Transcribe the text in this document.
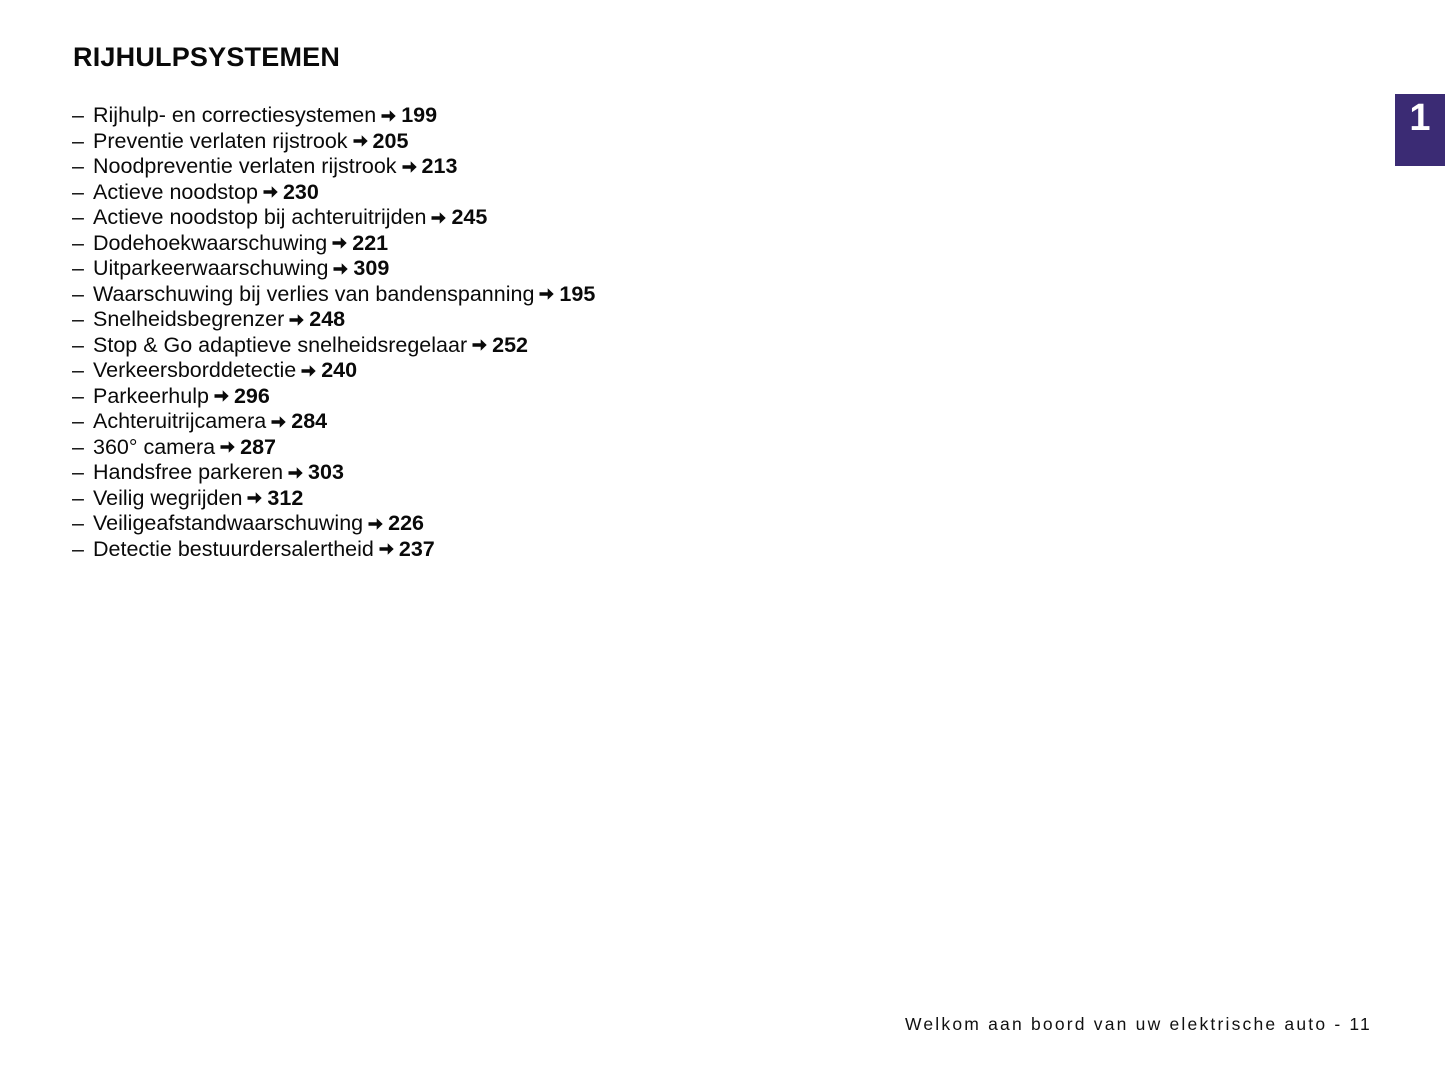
RIJHULPSYSTEMEN
1
– Rijhulp- en correctiesystemen 199
– Preventie verlaten rijstrook 205
– Noodpreventie verlaten rijstrook 213
– Actieve noodstop 230
– Actieve noodstop bij achteruitrijden 245
– Dodehoekwaarschuwing 221
– Uitparkeerwaarschuwing 309
– Waarschuwing bij verlies van bandenspanning 195
– Snelheidsbegrenzer 248
– Stop & Go adaptieve snelheidsregelaar 252
– Verkeersborddetectie 240
– Parkeerhulp 296
– Achteruitrijcamera 284
– 360° camera 287
– Handsfree parkeren 303
– Veilig wegrijden 312
– Veiligeafstandwaarschuwing 226
– Detectie bestuurdersalertheid 237
Welkom aan boord van uw elektrische auto - 11
